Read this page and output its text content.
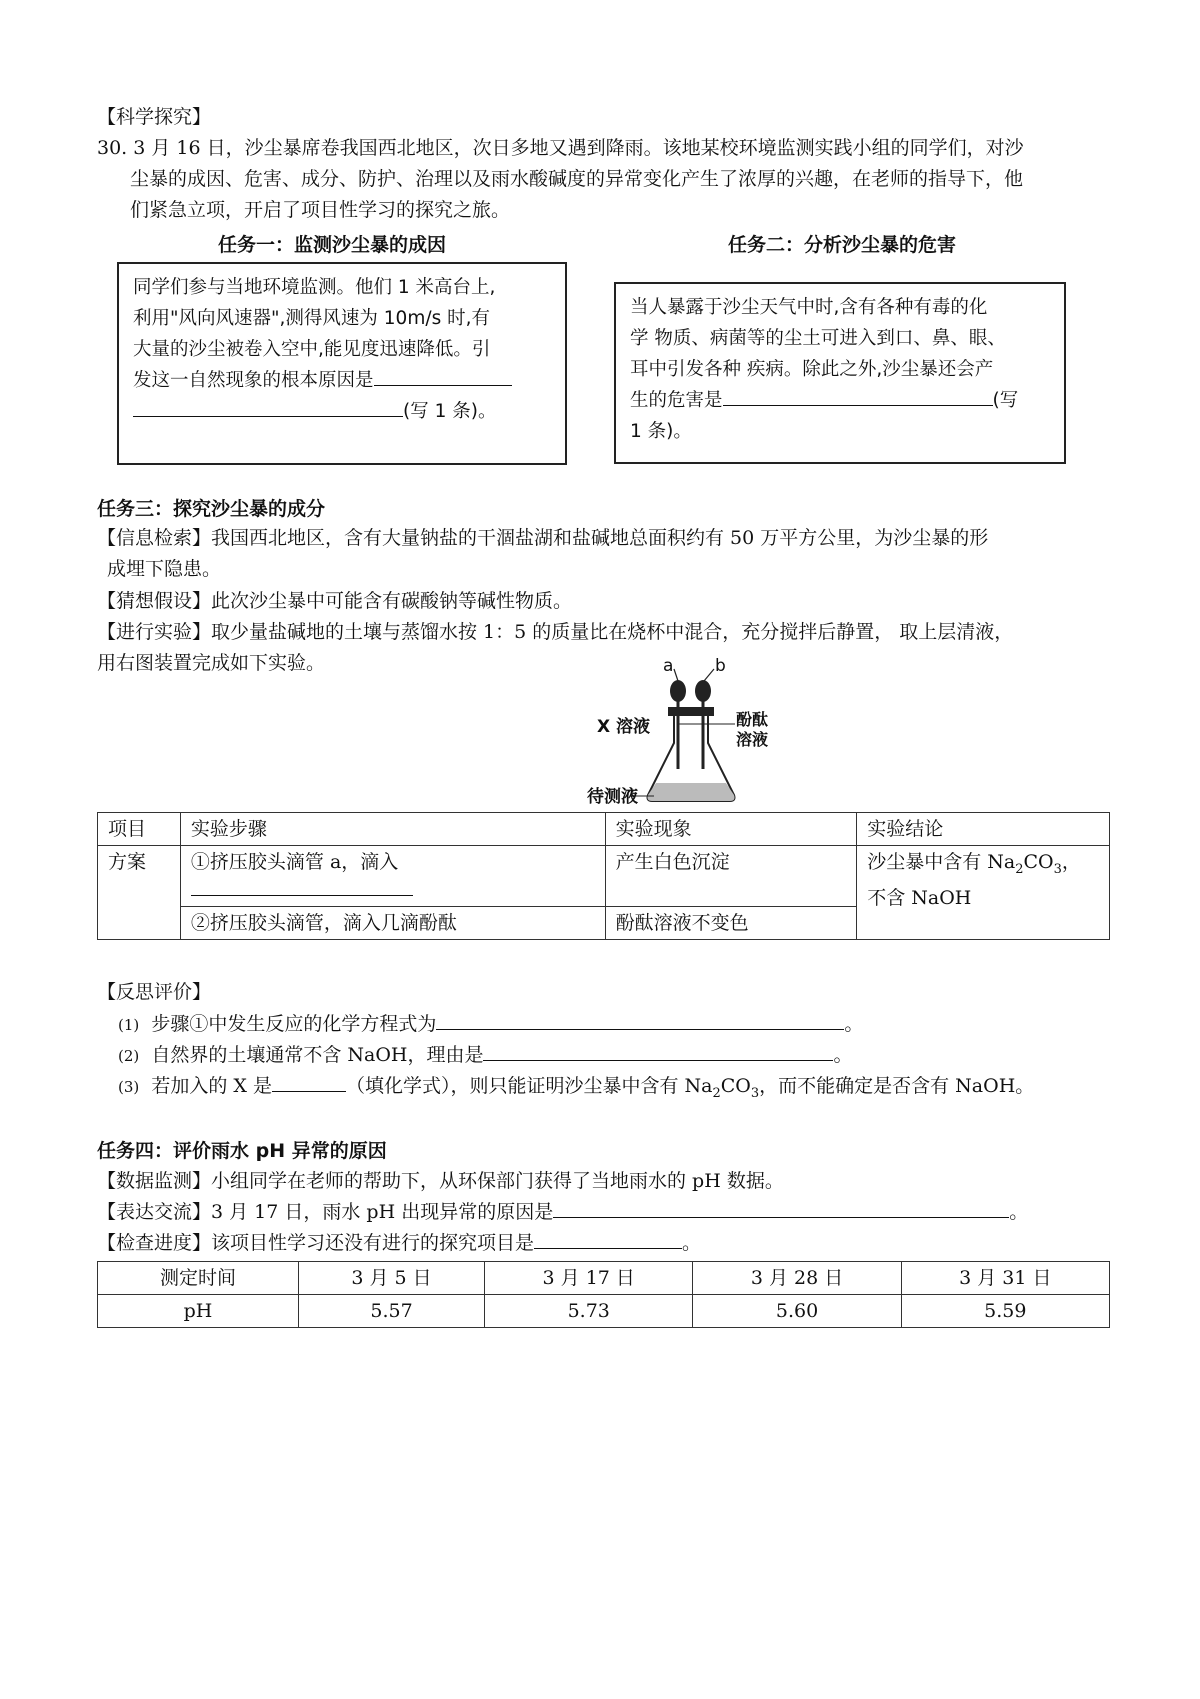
【科学探究】
30. 3 月 16 日，沙尘暴席卷我国西北地区，次日多地又遇到降雨。该地某校环境监测实践小组的同学们，对沙
尘暴的成因、危害、成分、防护、治理以及雨水酸碱度的异常变化产生了浓厚的兴趣，在老师的指导下，他
们紧急立项，开启了项目性学习的探究之旅。
任务一：监测沙尘暴的成因
同学们参与当地环境监测。他们 1 米高台上,
利用"风向风速器",测得风速为 10m/s 时,有
大量的沙尘被卷入空中,能见度迅速降低。引
发这一自然现象的根本原因是
(写 1 条)。
任务二：分析沙尘暴的危害
当人暴露于沙尘天气中时,含有各种有毒的化
学 物质、病菌等的尘土可进入到口、鼻、眼、
耳中引发各种 疾病。除此之外,沙尘暴还会产
生的危害是	(写
1 条)。
任务三：探究沙尘暴的成分
【信息检索】我国西北地区，含有大量钠盐的干涸盐湖和盐碱地总面积约有 50 万平方公里，为沙尘暴的形
成埋下隐患。
【猜想假设】此次沙尘暴中可能含有碳酸钠等碱性物质。
【进行实验】取少量盐碱地的土壤与蒸馏水按 1：5 的质量比在烧杯中混合，充分搅拌后静置， 取上层清液，
用右图装置完成如下实验。	a b
X 溶液	酚酞
溶液
待测液
项目	实验步骤	实验现象	实验结论
方案	①挤压胶头滴管 a，滴入	产生白色沉淀	沙尘暴中含有 $Na_2CO_3$，
不含 NaOH

	②挤压胶头滴管，滴入几滴酚酞	酚酞溶液不变色	
【反思评价】
(1) 步骤①中发生反应的化学方程式为	。
(2) 自然界的土壤通常不含 NaOH，理由是	。
(3) 若加入的 X 是	（填化学式），则只能证明沙尘暴中含有 $Na_2CO_3$，而不能确定是否含有 NaOH。
任务四：评价雨水 pH 异常的原因
【数据监测】小组同学在老师的帮助下，从环保部门获得了当地雨水的 pH 数据。
【表达交流】3 月 17 日，雨水 pH 出现异常的原因是	。
【检查进度】该项目性学习还没有进行的探究项目是	。
测定时间	3 月 5 日	3 月 17 日	3 月 28 日	3 月 31 日
pH	5.57	5.73	5.60	5.59
